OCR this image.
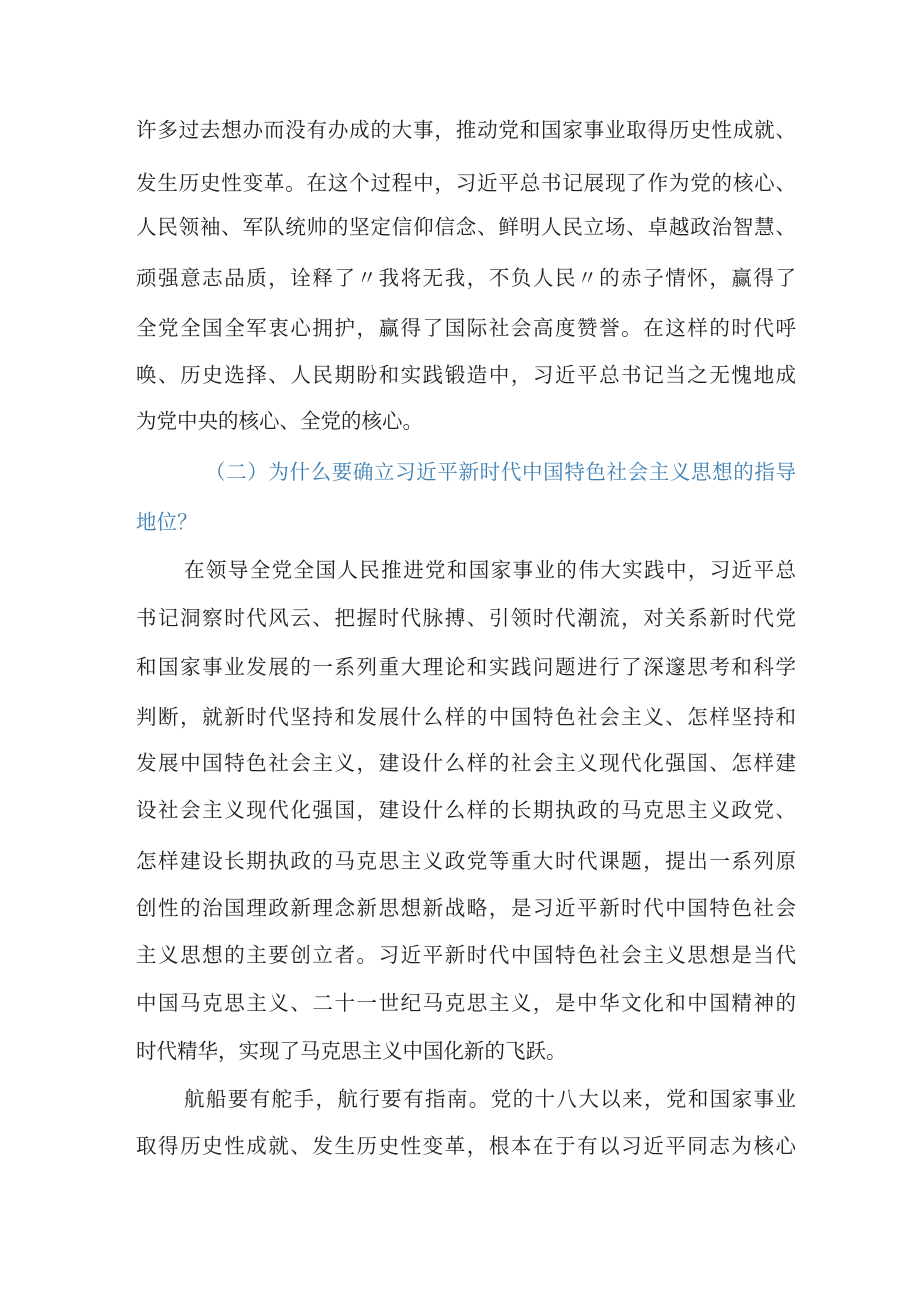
许多过去想办而没有办成的大事，推动党和国家事业取得历史性成就、
发生历史性变革。在这个过程中，习近平总书记展现了作为党的核心、
人民领袖、军队统帅的坚定信仰信念、鲜明人民立场、卓越政治智慧、
顽强意志品质，诠释了〃我将无我，不负人民〃的赤子情怀，赢得了
全党全国全军衷心拥护，赢得了国际社会高度赞誉。在这样的时代呼
唤、历史选择、人民期盼和实践锻造中，习近平总书记当之无愧地成
为党中央的核心、全党的核心。
（二）为什么要确立习近平新时代中国特色社会主义思想的指导
地位？
在领导全党全国人民推进党和国家事业的伟大实践中，习近平总
书记洞察时代风云、把握时代脉搏、引领时代潮流，对关系新时代党
和国家事业发展的一系列重大理论和实践问题进行了深邃思考和科学
判断，就新时代坚持和发展什么样的中国特色社会主义、怎样坚持和
发展中国特色社会主义，建设什么样的社会主义现代化强国、怎样建
设社会主义现代化强国，建设什么样的长期执政的马克思主义政党、
怎样建设长期执政的马克思主义政党等重大时代课题，提出一系列原
创性的治国理政新理念新思想新战略，是习近平新时代中国特色社会
主义思想的主要创立者。习近平新时代中国特色社会主义思想是当代
中国马克思主义、二十一世纪马克思主义，是中华文化和中国精神的
时代精华，实现了马克思主义中国化新的飞跃。
航船要有舵手，航行要有指南。党的十八大以来，党和国家事业
取得历史性成就、发生历史性变革，根本在于有以习近平同志为核心
